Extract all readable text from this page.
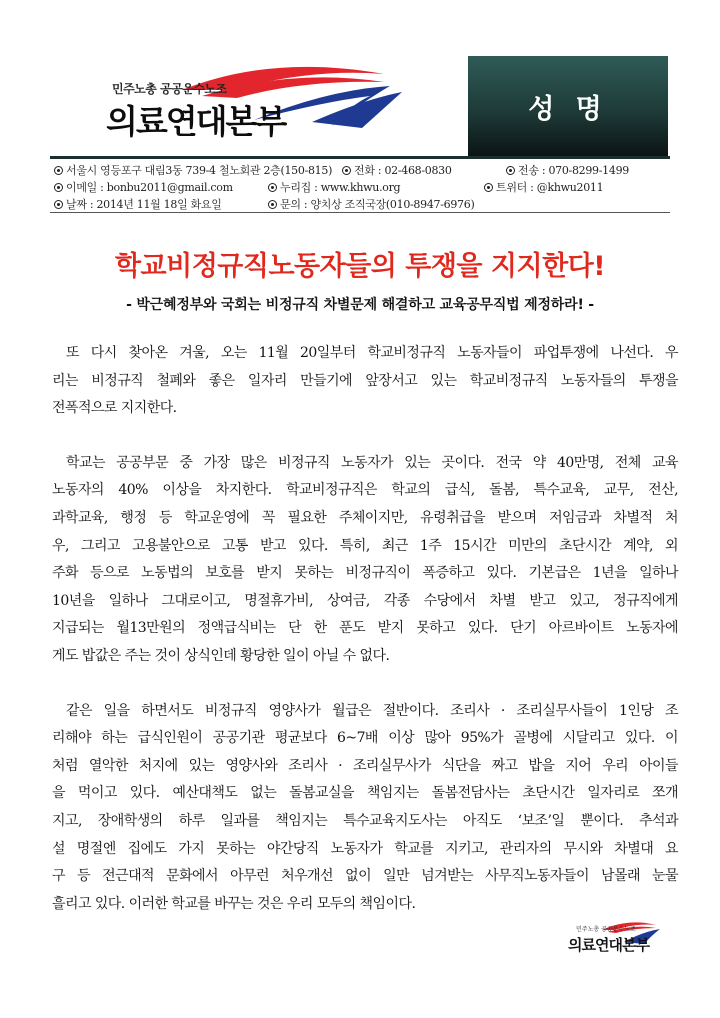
민주노총 공공운수노조
의료연대본부	성 명
서울시 영등포구 대림3동 739-4 철노회관 2층(150-815)	전화 : 02-468-0830	전송 : 070-8299-1499
이메일 : bonbu2011@gmail.com	누리집 : www.khwu.org	트위터 : @khwu2011
날짜 : 2014년 11월 18일 화요일	문의 : 양치상 조직국장(010-8947-6976)
학교비정규직노동자들의 투쟁을 지지한다!
- 박근혜정부와 국회는 비정규직 차별문제 해결하고 교육공무직법 제정하라! -
또 다시 찾아온 겨울, 오는 11월 20일부터 학교비정규직 노동자들이 파업투쟁에 나선다. 우
리는 비정규직 철폐와 좋은 일자리 만들기에 앞장서고 있는 학교비정규직 노동자들의 투쟁을
전폭적으로 지지한다.
학교는 공공부문 중 가장 많은 비정규직 노동자가 있는 곳이다. 전국 약 40만명, 전체 교육
노동자의 40% 이상을 차지한다. 학교비정규직은 학교의 급식, 돌봄, 특수교육, 교무, 전산,
과학교육, 행정 등 학교운영에 꼭 필요한 주체이지만, 유령취급을 받으며 저임금과 차별적 처
우, 그리고 고용불안으로 고통 받고 있다. 특히, 최근 1주 15시간 미만의 초단시간 계약, 외
주화 등으로 노동법의 보호를 받지 못하는 비정규직이 폭증하고 있다. 기본급은 1년을 일하나
10년을 일하나 그대로이고, 명절휴가비, 상여금, 각종 수당에서 차별 받고 있고, 정규직에게
지급되는 월13만원의 정액급식비는 단 한 푼도 받지 못하고 있다. 단기 아르바이트 노동자에
게도 밥값은 주는 것이 상식인데 황당한 일이 아닐 수 없다.
같은 일을 하면서도 비정규직 영양사가 월급은 절반이다. 조리사 · 조리실무사들이 1인당 조
리해야 하는 급식인원이 공공기관 평균보다 6~7배 이상 많아 95%가 골병에 시달리고 있다. 이
처럼 열악한 처지에 있는 영양사와 조리사 · 조리실무사가 식단을 짜고 밥을 지어 우리 아이들
을 먹이고 있다. 예산대책도 없는 돌봄교실을 책임지는 돌봄전담사는 초단시간 일자리로 쪼개
지고, 장애학생의 하루 일과를 책임지는 특수교육지도사는 아직도 ‘보조’일 뿐이다. 추석과
설 명절엔 집에도 가지 못하는 야간당직 노동자가 학교를 지키고, 관리자의 무시와 차별대 요
구 등 전근대적 문화에서 아무런 처우개선 없이 일만 넘겨받는 사무직노동자들이 남몰래 눈물
흘리고 있다. 이러한 학교를 바꾸는 것은 우리 모두의 책임이다.
민주노총 공공운수노조
의료연대본부
